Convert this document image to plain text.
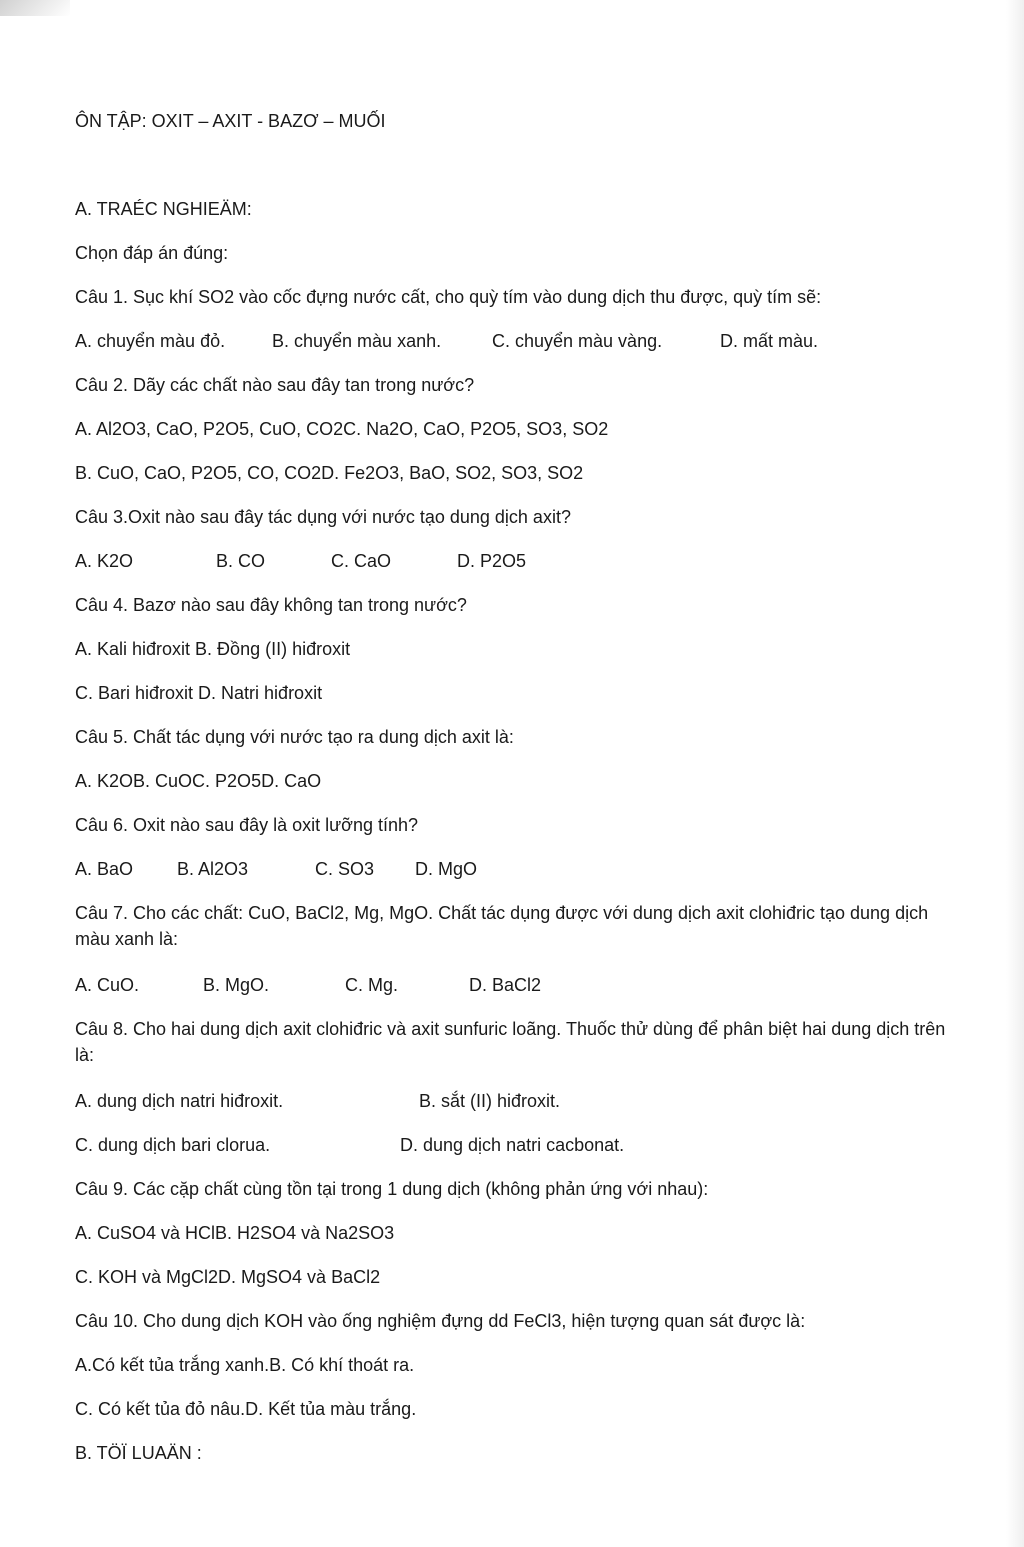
ÔN TẬP: OXIT – AXIT - BAZƠ – MUỐI
A. TRAÉC NGHIEÄM:
Chọn đáp án đúng:
Câu 1. Sục khí SO2 vào cốc đựng nước cất, cho quỳ tím vào dung dịch thu được, quỳ tím sẽ:
A. chuyển màu đỏ.	B. chuyển màu xanh.	C. chuyển màu vàng.	D. mất màu.
Câu 2. Dãy các chất nào sau đây tan trong nước?
A. Al2O3, CaO, P2O5, CuO, CO2C. Na2O, CaO, P2O5, SO3, SO2
B. CuO, CaO, P2O5, CO, CO2D. Fe2O3, BaO, SO2, SO3, SO2
Câu 3.Oxit nào sau đây tác dụng với nước tạo dung dịch axit?
A. K2O	B. CO	C. CaO	D. P2O5
Câu 4. Bazơ nào sau đây không tan trong nước?
A. Kali hiđroxit B. Đồng (II) hiđroxit
C. Bari hiđroxit D. Natri hiđroxit
Câu 5. Chất tác dụng với nước tạo ra dung dịch axit là:
A. K2OB. CuOC. P2O5D. CaO
Câu 6. Oxit nào sau đây là oxit lưỡng tính?
A. BaO B. Al2O3	C. SO3 D. MgO
Câu 7. Cho các chất: CuO, BaCl2, Mg, MgO. Chất tác dụng được với dung dịch axit clohiđric tạo dung dịch màu xanh là:
A. CuO.	B. MgO.	C. Mg.	D. BaCl2
Câu 8. Cho hai dung dịch axit clohiđric và axit sunfuric loãng. Thuốc thử dùng để phân biệt hai dung dịch trên là:
A. dung dịch natri hiđroxit.	B. sắt (II) hiđroxit.
C. dung dịch bari clorua.	D. dung dịch natri cacbonat.
Câu 9. Các cặp chất cùng tồn tại trong 1 dung dịch (không phản ứng với nhau):
A. CuSO4 và HClB. H2SO4 và Na2SO3
C. KOH và MgCl2D. MgSO4 và BaCl2
Câu 10. Cho dung dịch KOH vào ống nghiệm đựng dd FeCl3, hiện tượng quan sát được là:
A.Có kết tủa trắng xanh.B. Có khí thoát ra.
C. Có kết tủa đỏ nâu.D. Kết tủa màu trắng.
B. TÖÏ LUAÄN :
